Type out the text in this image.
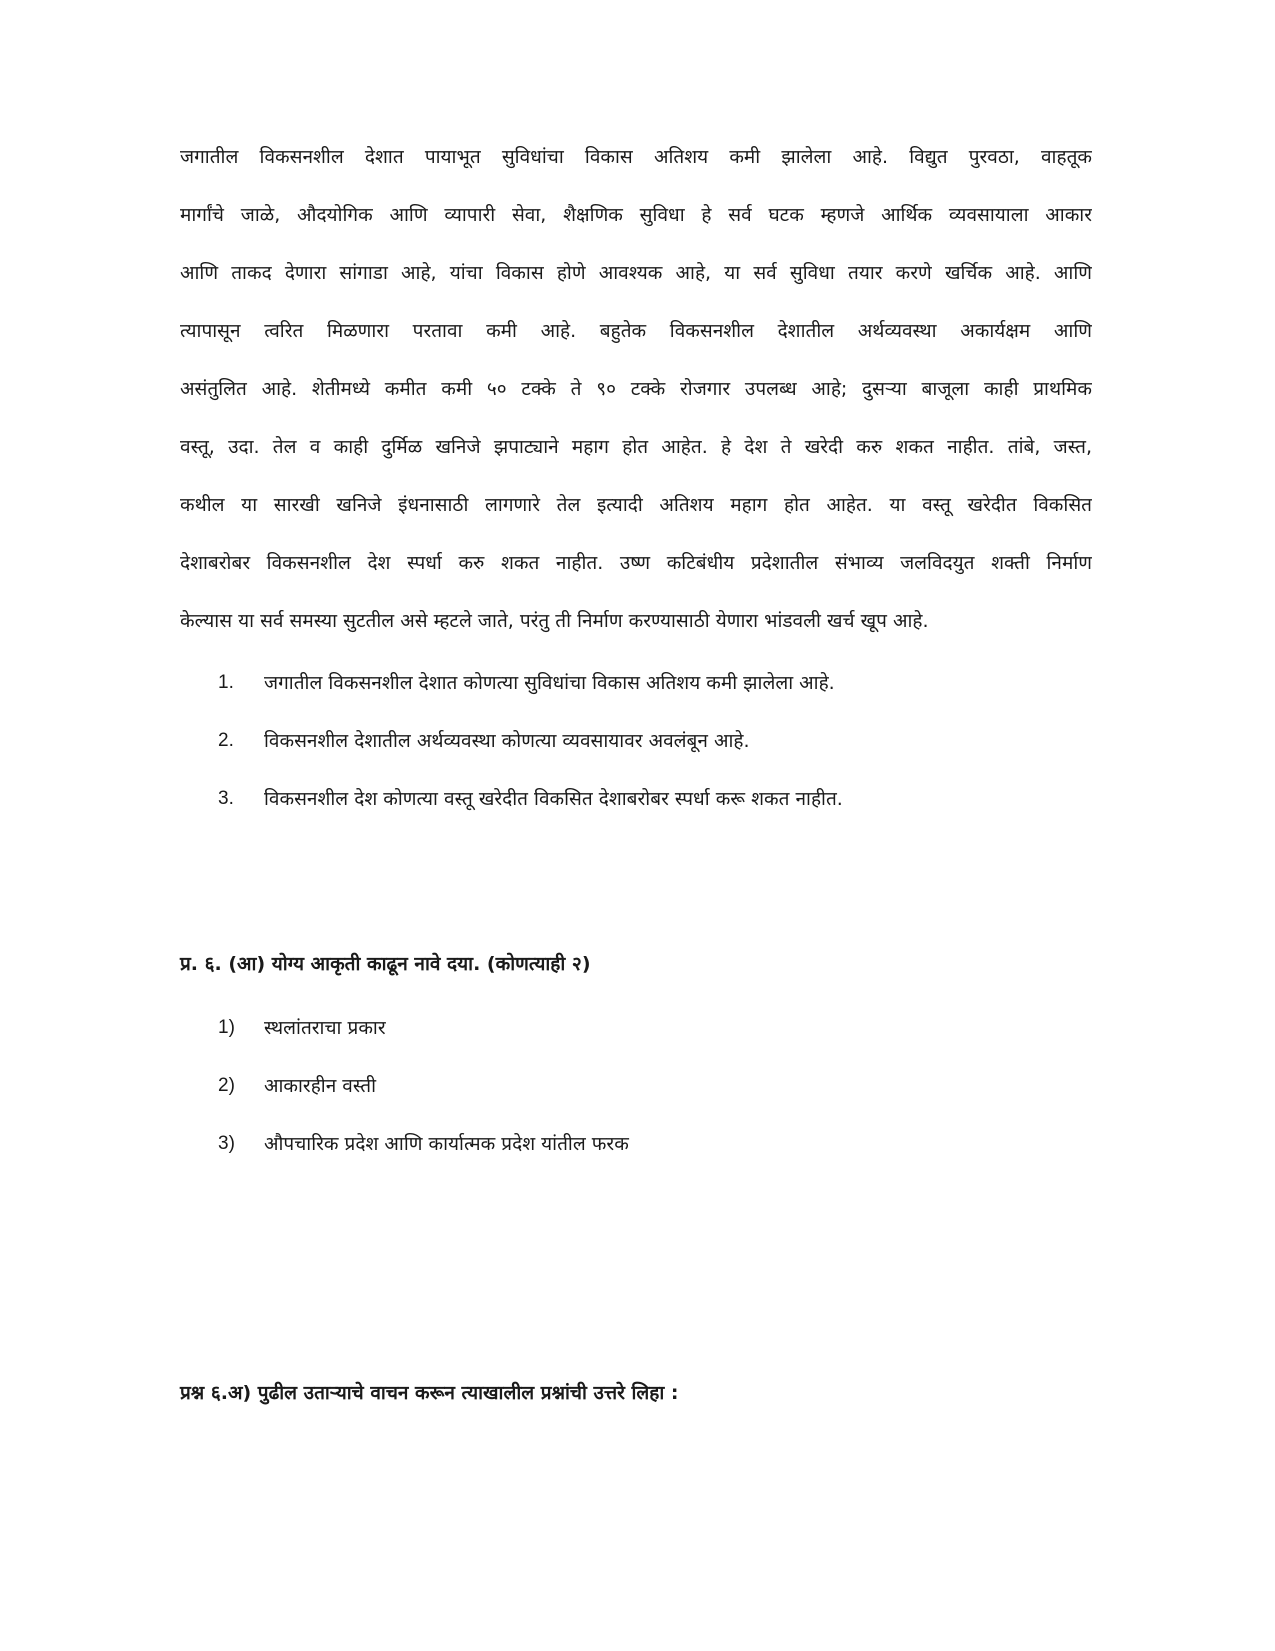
जगातील विकसनशील देशात पायाभूत सुविधांचा विकास अतिशय कमी झालेला आहे. विद्युत पुरवठा, वाहतूक
मार्गांचे जाळे, औदयोगिक आणि व्यापारी सेवा, शैक्षणिक सुविधा हे सर्व घटक म्हणजे आर्थिक व्यवसायाला आकार
आणि ताकद देणारा सांगाडा आहे, यांचा विकास होणे आवश्यक आहे, या सर्व सुविधा तयार करणे खर्चिक आहे. आणि
त्यापासून त्वरित मिळणारा परतावा कमी आहे. बहुतेक विकसनशील देशातील अर्थव्यवस्था अकार्यक्षम आणि
असंतुलित आहे. शेतीमध्ये कमीत कमी ५० टक्के ते ९० टक्के रोजगार उपलब्ध आहे; दुसऱ्या बाजूला काही प्राथमिक
वस्तू, उदा. तेल व काही दुर्मिळ खनिजे झपाट्याने महाग होत आहेत. हे देश ते खरेदी करु शकत नाहीत. तांबे, जस्त,
कथील या सारखी खनिजे इंधनासाठी लागणारे तेल इत्यादी अतिशय महाग होत आहेत. या वस्तू खरेदीत विकसित
देशाबरोबर विकसनशील देश स्पर्धा करु शकत नाहीत. उष्ण कटिबंधीय प्रदेशातील संभाव्य जलविदयुत शक्ती निर्माण
केल्यास या सर्व समस्या सुटतील असे म्हटले जाते, परंतु ती निर्माण करण्यासाठी येणारा भांडवली खर्च खूप आहे.

1.	जगातील विकसनशील देशात कोणत्या सुविधांचा विकास अतिशय कमी झालेला आहे.
2.	विकसनशील देशातील अर्थव्यवस्था कोणत्या व्यवसायावर अवलंबून आहे.
3.	विकसनशील देश कोणत्या वस्तू खरेदीत विकसित देशाबरोबर स्पर्धा करू शकत नाहीत.
प्र. ६. (आ) योग्य आकृती काढून नावे दया. (कोणत्याही २)
1)	स्थलांतराचा प्रकार
2)	आकारहीन वस्ती
3)	औपचारिक प्रदेश आणि कार्यात्मक प्रदेश यांतील फरक
प्रश्न ६.अ) पुढील उताऱ्याचे वाचन करून त्याखालील प्रश्नांची उत्तरे लिहा :
